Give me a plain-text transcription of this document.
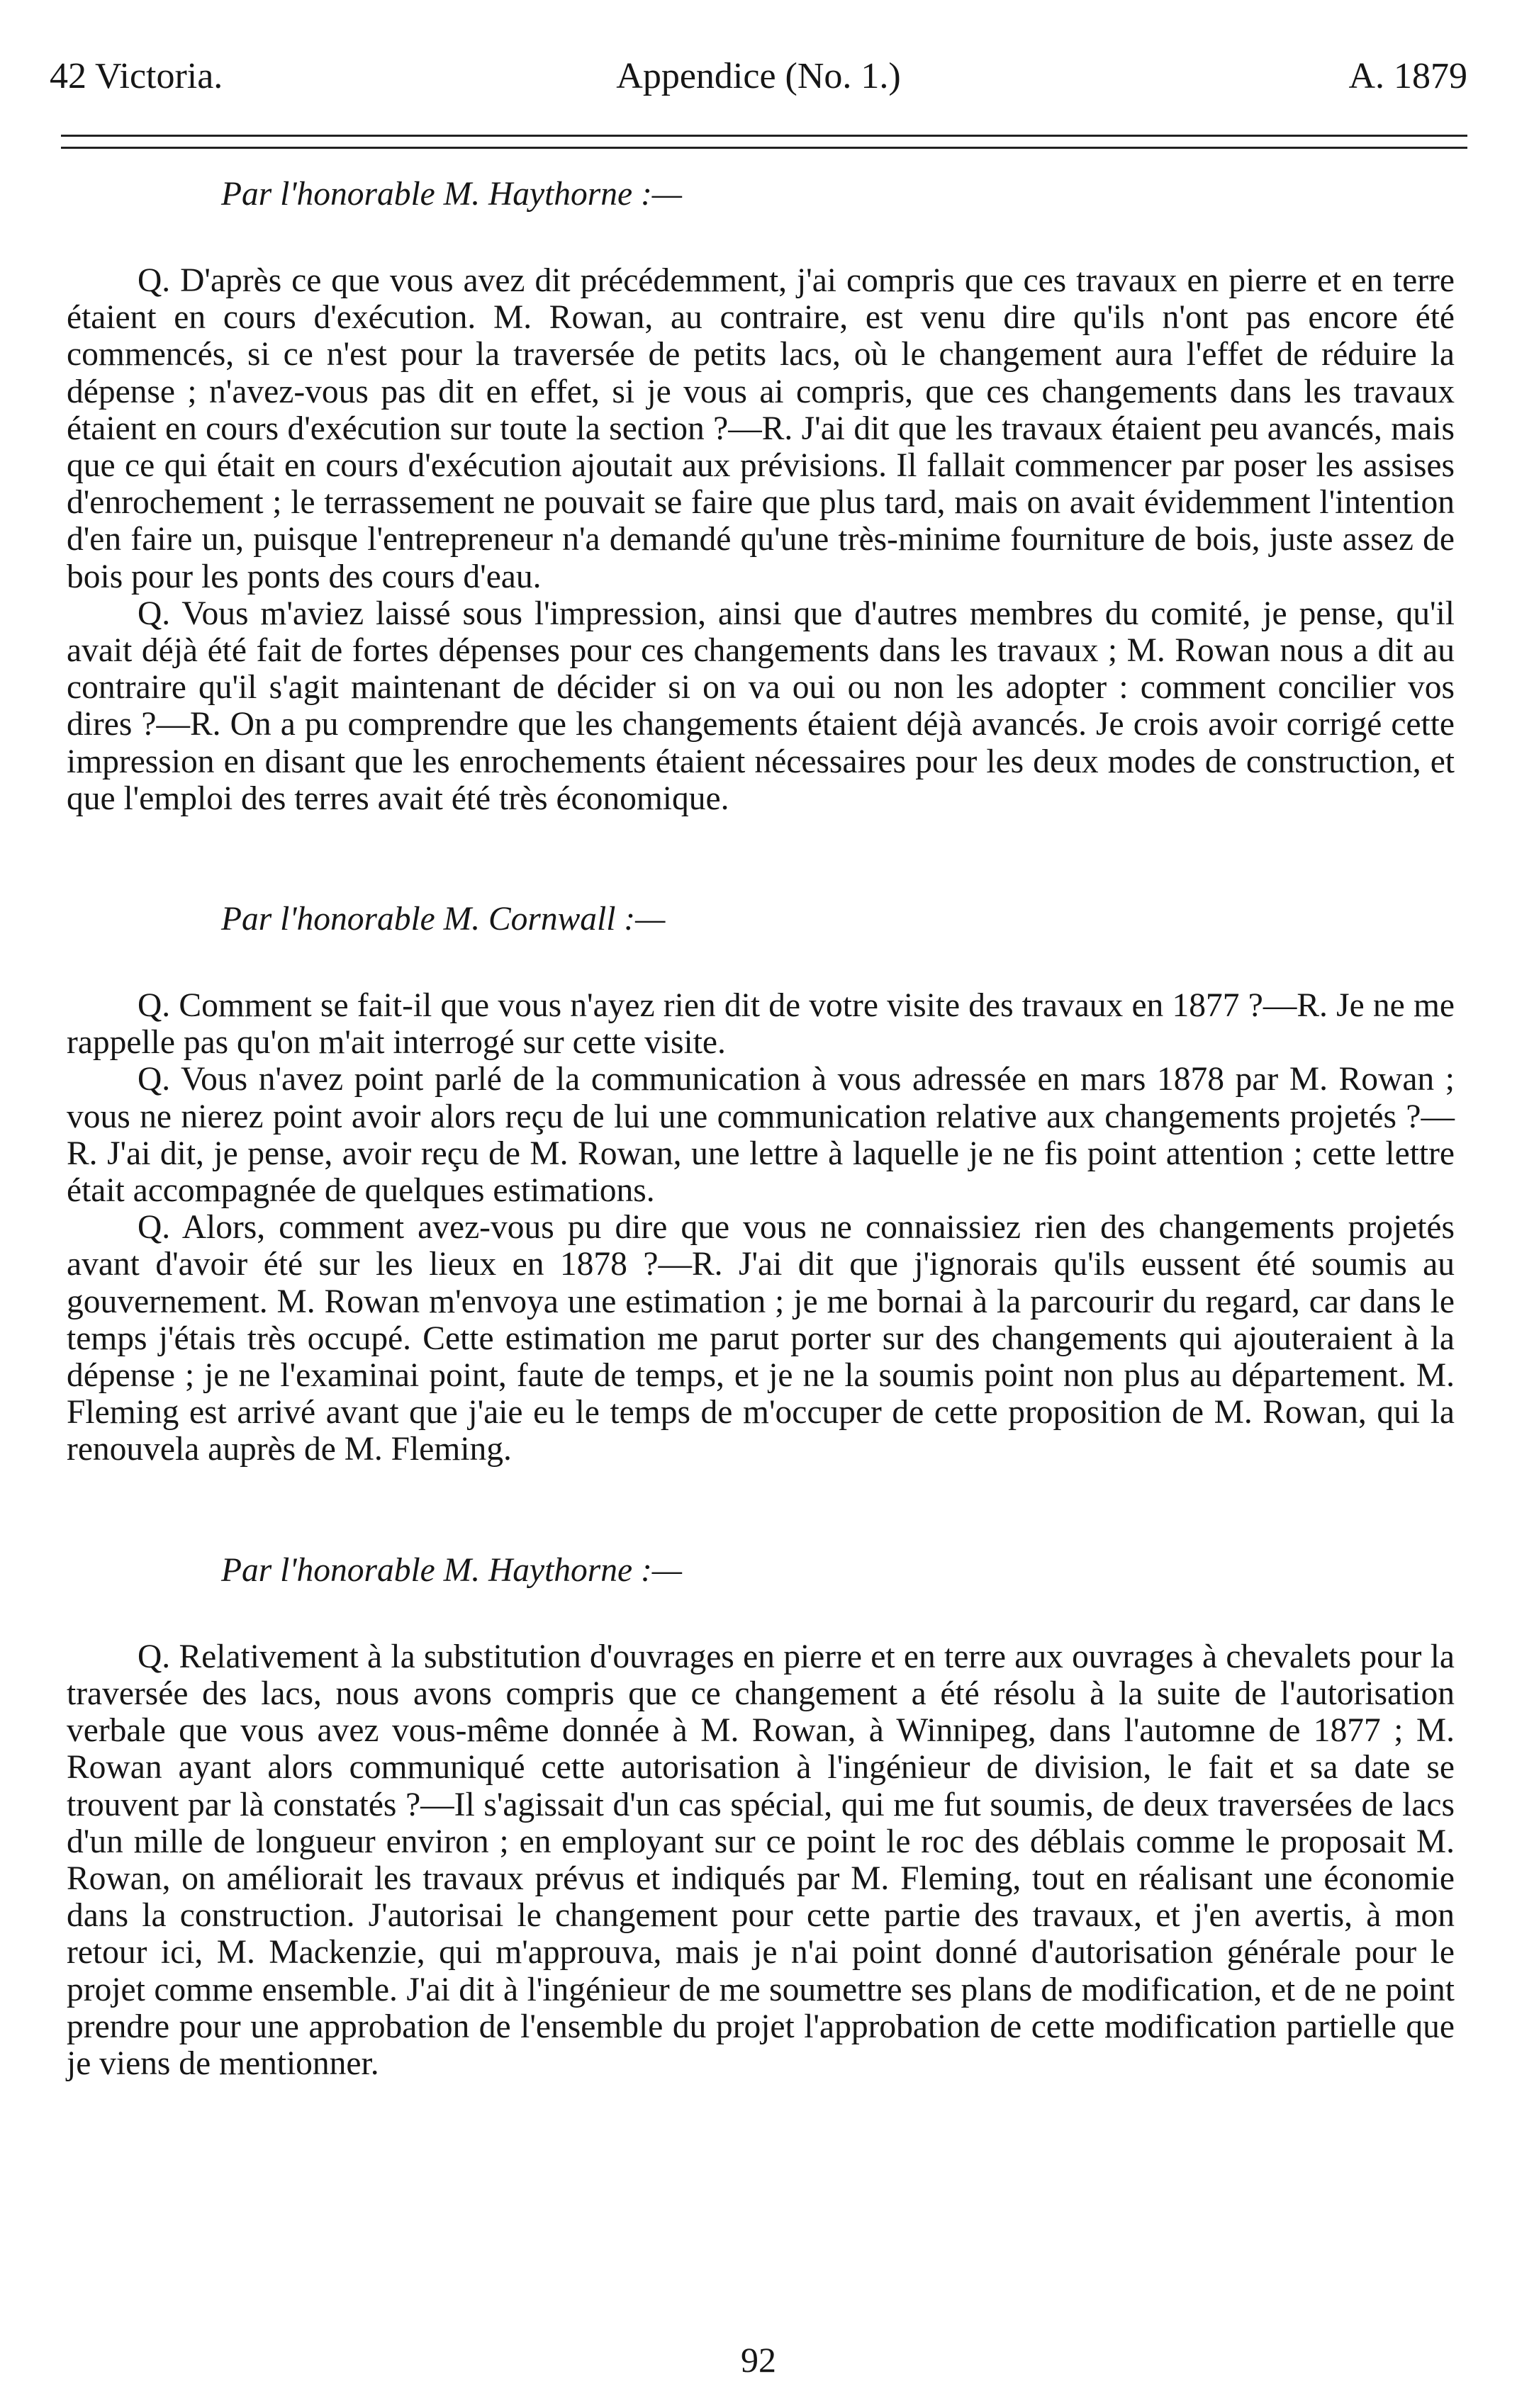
42 Victoria.	Appendice (No. 1.)	A. 1879

Par l'honorable M. Haythorne :—

Q. D'après ce que vous avez dit précédemment, j'ai compris que ces travaux en pierre et en terre étaient en cours d'exécution. M. Rowan, au contraire, est venu dire qu'ils n'ont pas encore été commencés, si ce n'est pour la traversée de petits lacs, où le changement aura l'effet de réduire la dépense ; n'avez-vous pas dit en effet, si je vous ai compris, que ces changements dans les travaux étaient en cours d'exécution sur toute la section ?—R. J'ai dit que les travaux étaient peu avancés, mais que ce qui était en cours d'exécution ajoutait aux prévisions. Il fallait commencer par poser les assises d'enrochement ; le terrassement ne pouvait se faire que plus tard, mais on avait évidemment l'intention d'en faire un, puisque l'entrepreneur n'a demandé qu'une très-minime fourniture de bois, juste assez de bois pour les ponts des cours d'eau.

Q. Vous m'aviez laissé sous l'impression, ainsi que d'autres membres du comité, je pense, qu'il avait déjà été fait de fortes dépenses pour ces changements dans les travaux ; M. Rowan nous a dit au contraire qu'il s'agit maintenant de décider si on va oui ou non les adopter : comment concilier vos dires ?—R. On a pu comprendre que les changements étaient déjà avancés. Je crois avoir corrigé cette impression en disant que les enrochements étaient nécessaires pour les deux modes de construction, et que l'emploi des terres avait été très économique.

Par l'honorable M. Cornwall :—

Q. Comment se fait-il que vous n'ayez rien dit de votre visite des travaux en 1877 ?—R. Je ne me rappelle pas qu'on m'ait interrogé sur cette visite.

Q. Vous n'avez point parlé de la communication à vous adressée en mars 1878 par M. Rowan ; vous ne nierez point avoir alors reçu de lui une communication relative aux changements projetés ?—R. J'ai dit, je pense, avoir reçu de M. Rowan, une lettre à laquelle je ne fis point attention ; cette lettre était accompagnée de quelques estimations.

Q. Alors, comment avez-vous pu dire que vous ne connaissiez rien des changements projetés avant d'avoir été sur les lieux en 1878 ?—R. J'ai dit que j'ignorais qu'ils eussent été soumis au gouvernement. M. Rowan m'envoya une estimation ; je me bornai à la parcourir du regard, car dans le temps j'étais très occupé. Cette estimation me parut porter sur des changements qui ajouteraient à la dépense ; je ne l'examinai point, faute de temps, et je ne la soumis point non plus au département. M. Fleming est arrivé avant que j'aie eu le temps de m'occuper de cette proposition de M. Rowan, qui la renouvela auprès de M. Fleming.

Par l'honorable M. Haythorne :—

Q. Relativement à la substitution d'ouvrages en pierre et en terre aux ouvrages à chevalets pour la traversée des lacs, nous avons compris que ce changement a été résolu à la suite de l'autorisation verbale que vous avez vous-même donnée à M. Rowan, à Winnipeg, dans l'automne de 1877 ; M. Rowan ayant alors communiqué cette autorisation à l'ingénieur de division, le fait et sa date se trouvent par là constatés ?—Il s'agissait d'un cas spécial, qui me fut soumis, de deux traversées de lacs d'un mille de longueur environ ; en employant sur ce point le roc des déblais comme le proposait M. Rowan, on améliorait les travaux prévus et indiqués par M. Fleming, tout en réalisant une économie dans la construction. J'autorisai le changement pour cette partie des travaux, et j'en avertis, à mon retour ici, M. Mackenzie, qui m'approuva, mais je n'ai point donné d'autorisation générale pour le projet comme ensemble. J'ai dit à l'ingénieur de me soumettre ses plans de modification, et de ne point prendre pour une approbation de l'ensemble du projet l'approbation de cette modification partielle que je viens de mentionner.

92
